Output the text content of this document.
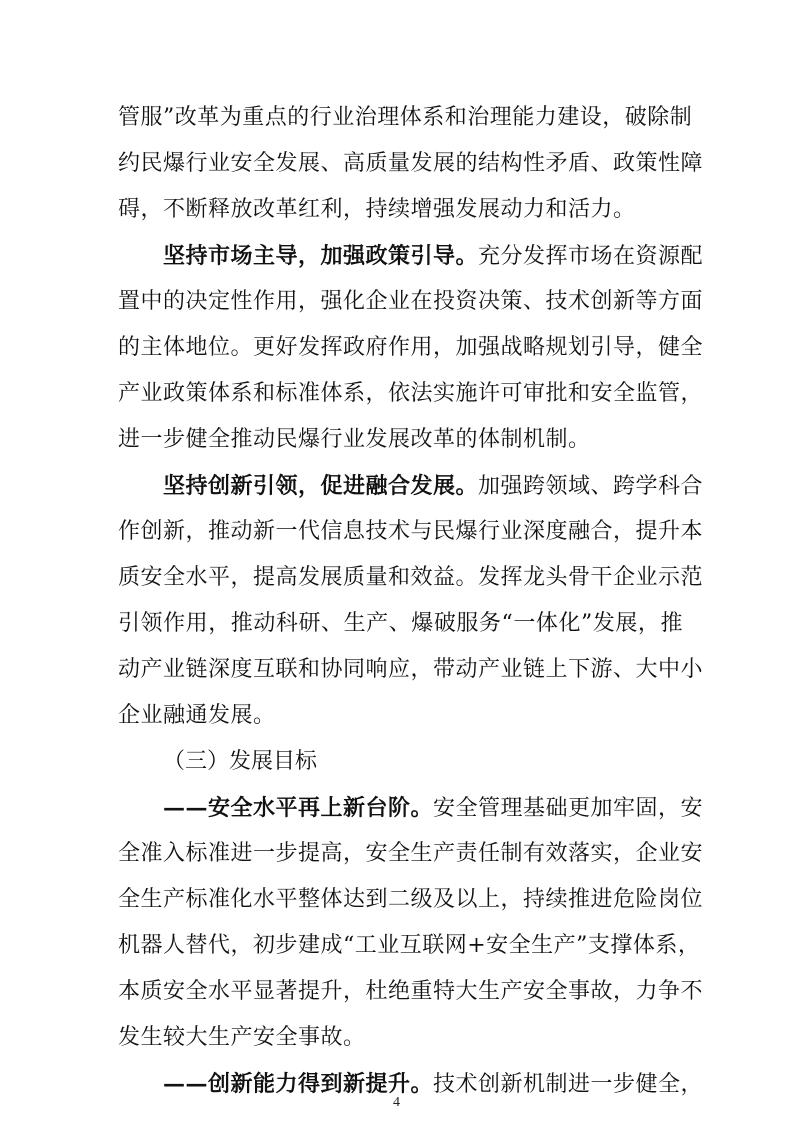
管服”改革为重点的行业治理体系和治理能力建设，破除制
约民爆行业安全发展、高质量发展的结构性矛盾、政策性障
碍，不断释放改革红利，持续增强发展动力和活力。
坚持市场主导，加强政策引导。充分发挥市场在资源配
置中的决定性作用，强化企业在投资决策、技术创新等方面
的主体地位。更好发挥政府作用，加强战略规划引导，健全
产业政策体系和标准体系，依法实施许可审批和安全监管，
进一步健全推动民爆行业发展改革的体制机制。
坚持创新引领，促进融合发展。加强跨领域、跨学科合
作创新，推动新一代信息技术与民爆行业深度融合，提升本
质安全水平，提高发展质量和效益。发挥龙头骨干企业示范
引领作用，推动科研、生产、爆破服务“一体化”发展，推
动产业链深度互联和协同响应，带动产业链上下游、大中小
企业融通发展。
（三）发展目标
——安全水平再上新台阶。安全管理基础更加牢固，安
全准入标准进一步提高，安全生产责任制有效落实，企业安
全生产标准化水平整体达到二级及以上，持续推进危险岗位
机器人替代，初步建成“工业互联网+安全生产”支撑体系，
本质安全水平显著提升，杜绝重特大生产安全事故，力争不
发生较大生产安全事故。
——创新能力得到新提升。技术创新机制进一步健全，
4
